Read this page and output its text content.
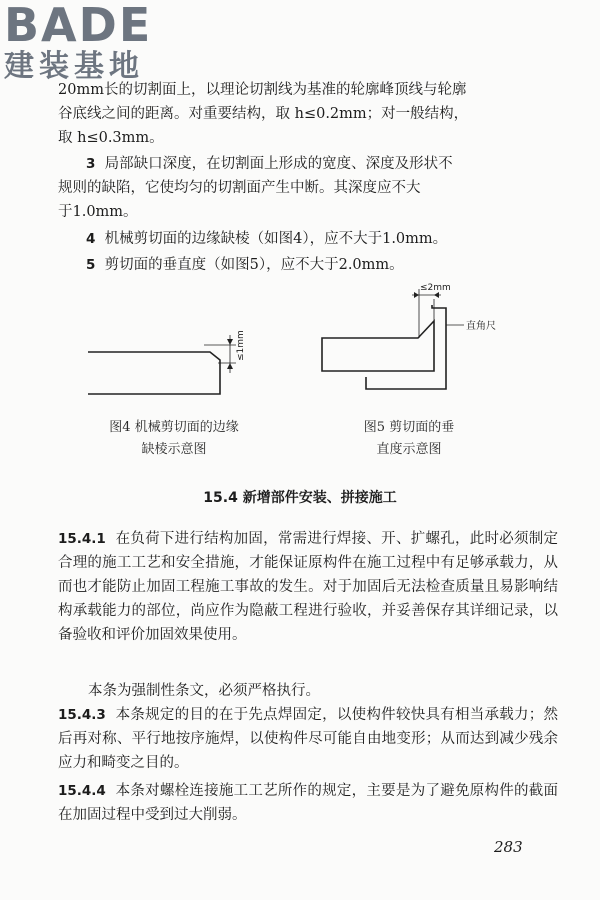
BADE
建装基地
20mm长的切割面上，以理论切割线为基准的轮廓峰顶线与轮廓
谷底线之间的距离。对重要结构，取 h≤0.2mm；对一般结构，
取 h≤0.3mm。
3 局部缺口深度，在切割面上形成的宽度、深度及形状不
规则的缺陷，它使均匀的切割面产生中断。其深度应不大
于1.0mm。
4 机械剪切面的边缘缺棱（如图4），应不大于1.0mm。
5 剪切面的垂直度（如图5），应不大于2.0mm。
≤1mm
≤2mm
直角尺
图4 机械剪切面的边缘
缺棱示意图
图5 剪切面的垂
直度示意图
15.4 新增部件安装、拼接施工
15.4.1 在负荷下进行结构加固，常需进行焊接、开、扩螺孔，此时必须制定合理的施工工艺和安全措施，才能保证原构件在施工过程中有足够承载力，从而也才能防止加固工程施工事故的发生。对于加固后无法检查质量且易影响结构承载能力的部位，尚应作为隐蔽工程进行验收，并妥善保存其详细记录，以备验收和评价加固效果使用。
本条为强制性条文，必须严格执行。
15.4.3 本条规定的目的在于先点焊固定，以使构件较快具有相当承载力；然后再对称、平行地按序施焊，以使构件尽可能自由地变形；从而达到减少残余应力和畸变之目的。
15.4.4 本条对螺栓连接施工工艺所作的规定，主要是为了避免原构件的截面在加固过程中受到过大削弱。
283
